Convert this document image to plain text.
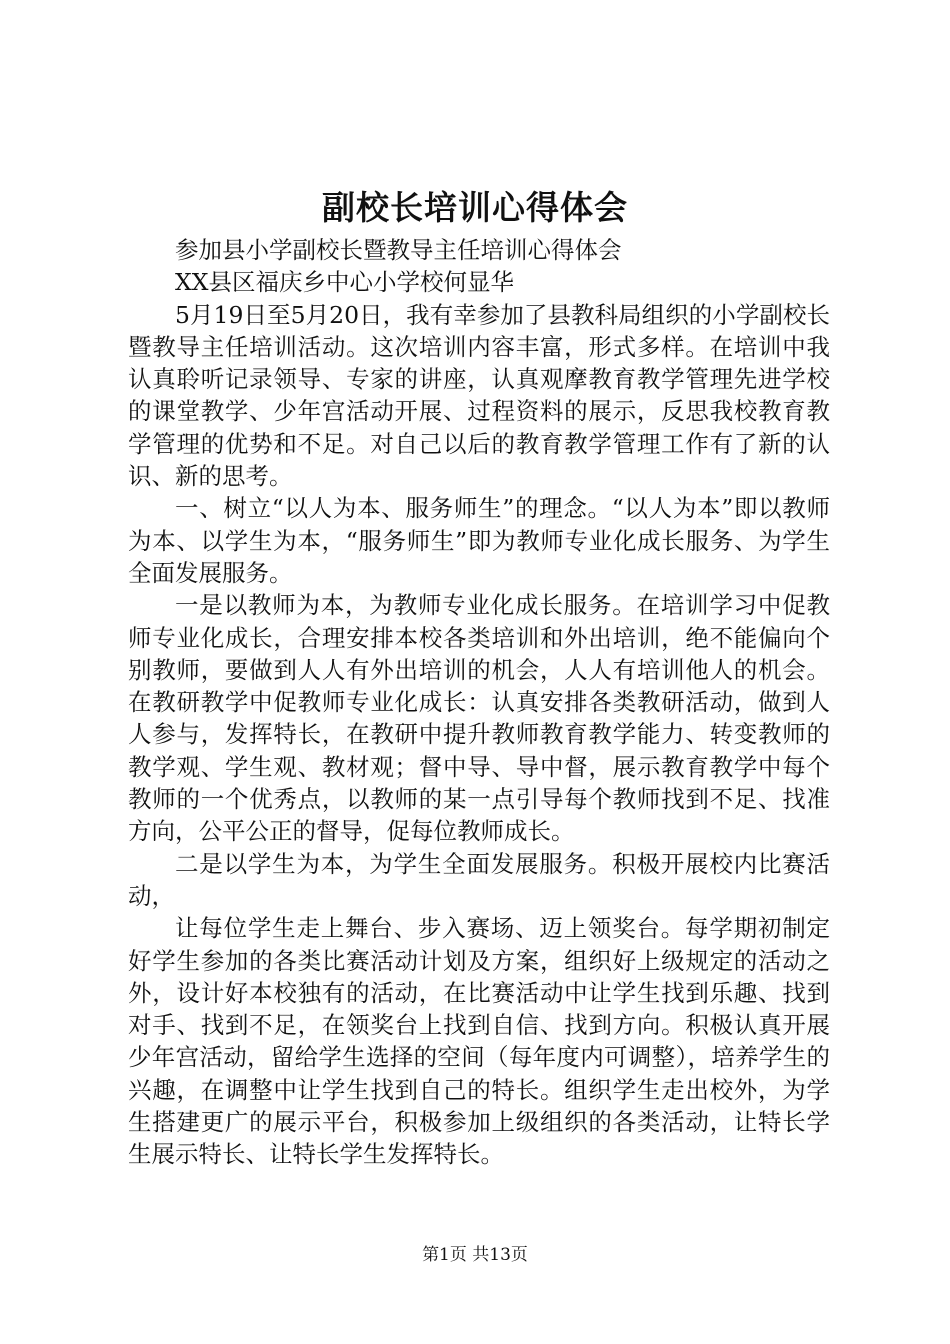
副校长培训心得体会

参加县小学副校长暨教导主任培训心得体会

XX县区福庆乡中心小学校何显华

5月19日至5月20日，我有幸参加了县教科局组织的小学副校长暨教导主任培训活动。这次培训内容丰富，形式多样。在培训中我认真聆听记录领导、专家的讲座，认真观摩教育教学管理先进学校的课堂教学、少年宫活动开展、过程资料的展示，反思我校教育教学管理的优势和不足。对自己以后的教育教学管理工作有了新的认识、新的思考。

一、树立“以人为本、服务师生”的理念。“以人为本”即以教师为本、以学生为本，“服务师生”即为教师专业化成长服务、为学生全面发展服务。

一是以教师为本，为教师专业化成长服务。在培训学习中促教师专业化成长，合理安排本校各类培训和外出培训，绝不能偏向个别教师，要做到人人有外出培训的机会，人人有培训他人的机会。在教研教学中促教师专业化成长：认真安排各类教研活动，做到人人参与，发挥特长，在教研中提升教师教育教学能力、转变教师的教学观、学生观、教材观；督中导、导中督，展示教育教学中每个教师的一个优秀点，以教师的某一点引导每个教师找到不足、找准方向，公平公正的督导，促每位教师成长。

二是以学生为本，为学生全面发展服务。积极开展校内比赛活动，

让每位学生走上舞台、步入赛场、迈上领奖台。每学期初制定好学生参加的各类比赛活动计划及方案，组织好上级规定的活动之外，设计好本校独有的活动，在比赛活动中让学生找到乐趣、找到对手、找到不足，在领奖台上找到自信、找到方向。积极认真开展少年宫活动，留给学生选择的空间（每年度内可调整），培养学生的兴趣，在调整中让学生找到自己的特长。组织学生走出校外，为学生搭建更广的展示平台，积极参加上级组织的各类活动，让特长学生展示特长、让特长学生发挥特长。

第1页 共13页
